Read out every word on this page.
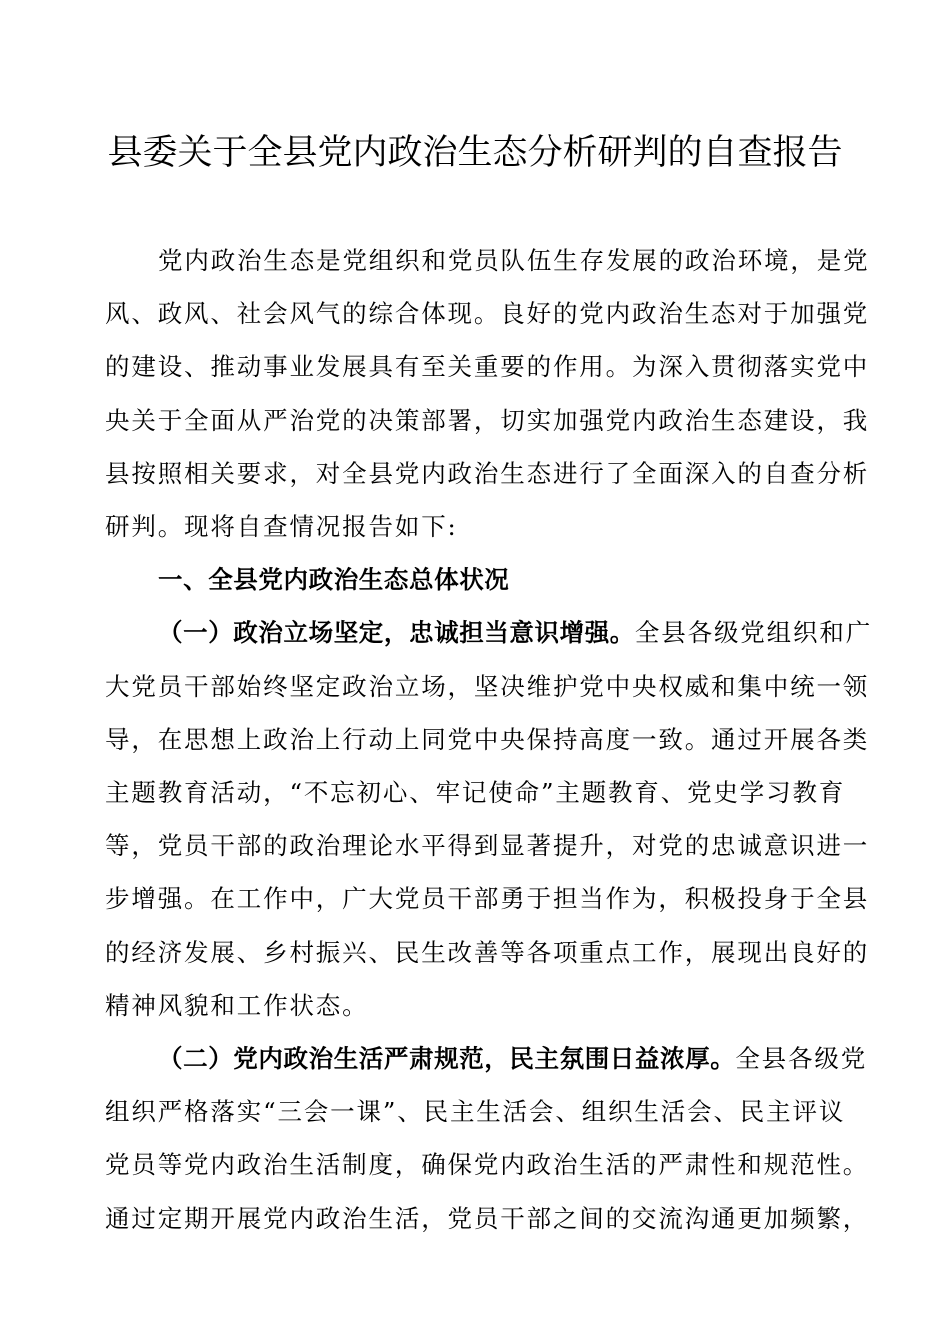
县委关于全县党内政治生态分析研判的自查报告
党内政治生态是党组织和党员队伍生存发展的政治环境，是党
风、政风、社会风气的综合体现。良好的党内政治生态对于加强党
的建设、推动事业发展具有至关重要的作用。为深入贯彻落实党中
央关于全面从严治党的决策部署，切实加强党内政治生态建设，我
县按照相关要求，对全县党内政治生态进行了全面深入的自查分析
研判。现将自查情况报告如下:
一、全县党内政治生态总体状况
（一）政治立场坚定，忠诚担当意识增强。全县各级党组织和广
大党员干部始终坚定政治立场，坚决维护党中央权威和集中统一领
导，在思想上政治上行动上同党中央保持高度一致。通过开展各类
主题教育活动，“不忘初心、牢记使命”主题教育、党史学习教育
等，党员干部的政治理论水平得到显著提升，对党的忠诚意识进一
步增强。在工作中，广大党员干部勇于担当作为，积极投身于全县
的经济发展、乡村振兴、民生改善等各项重点工作，展现出良好的
精神风貌和工作状态。
（二）党内政治生活严肃规范，民主氛围日益浓厚。全县各级党
组织严格落实“三会一课”、民主生活会、组织生活会、民主评议
党员等党内政治生活制度，确保党内政治生活的严肃性和规范性。
通过定期开展党内政治生活，党员干部之间的交流沟通更加频繁，
